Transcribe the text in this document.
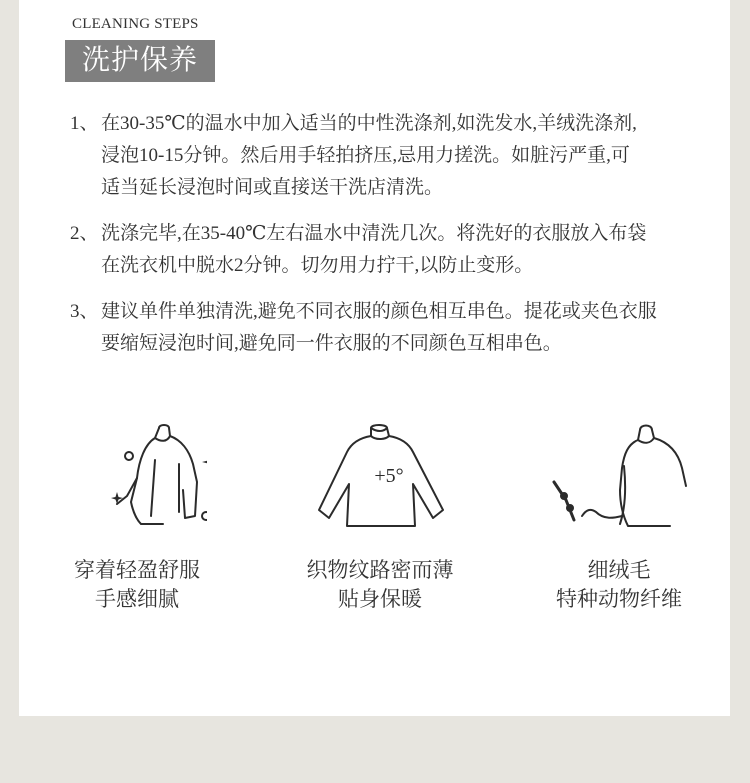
CLEANING STEPS
洗护保养
1、 在30-35℃的温水中加入适当的中性洗涤剂,如洗发水,羊绒洗涤剂,
浸泡10-15分钟。然后用手轻拍挤压,忌用力搓洗。如脏污严重,可
适当延长浸泡时间或直接送干洗店清洗。
2、 洗涤完毕,在35-40℃左右温水中清洗几次。将洗好的衣服放入布袋
在洗衣机中脱水2分钟。切勿用力拧干,以防止变形。
3、 建议单件单独清洗,避免不同衣服的颜色相互串色。提花或夹色衣服
要缩短浸泡时间,避免同一件衣服的不同颜色互相串色。
穿着轻盈舒服
手感细腻
+5°
织物纹路密而薄
贴身保暖
细绒毛
特种动物纤维
